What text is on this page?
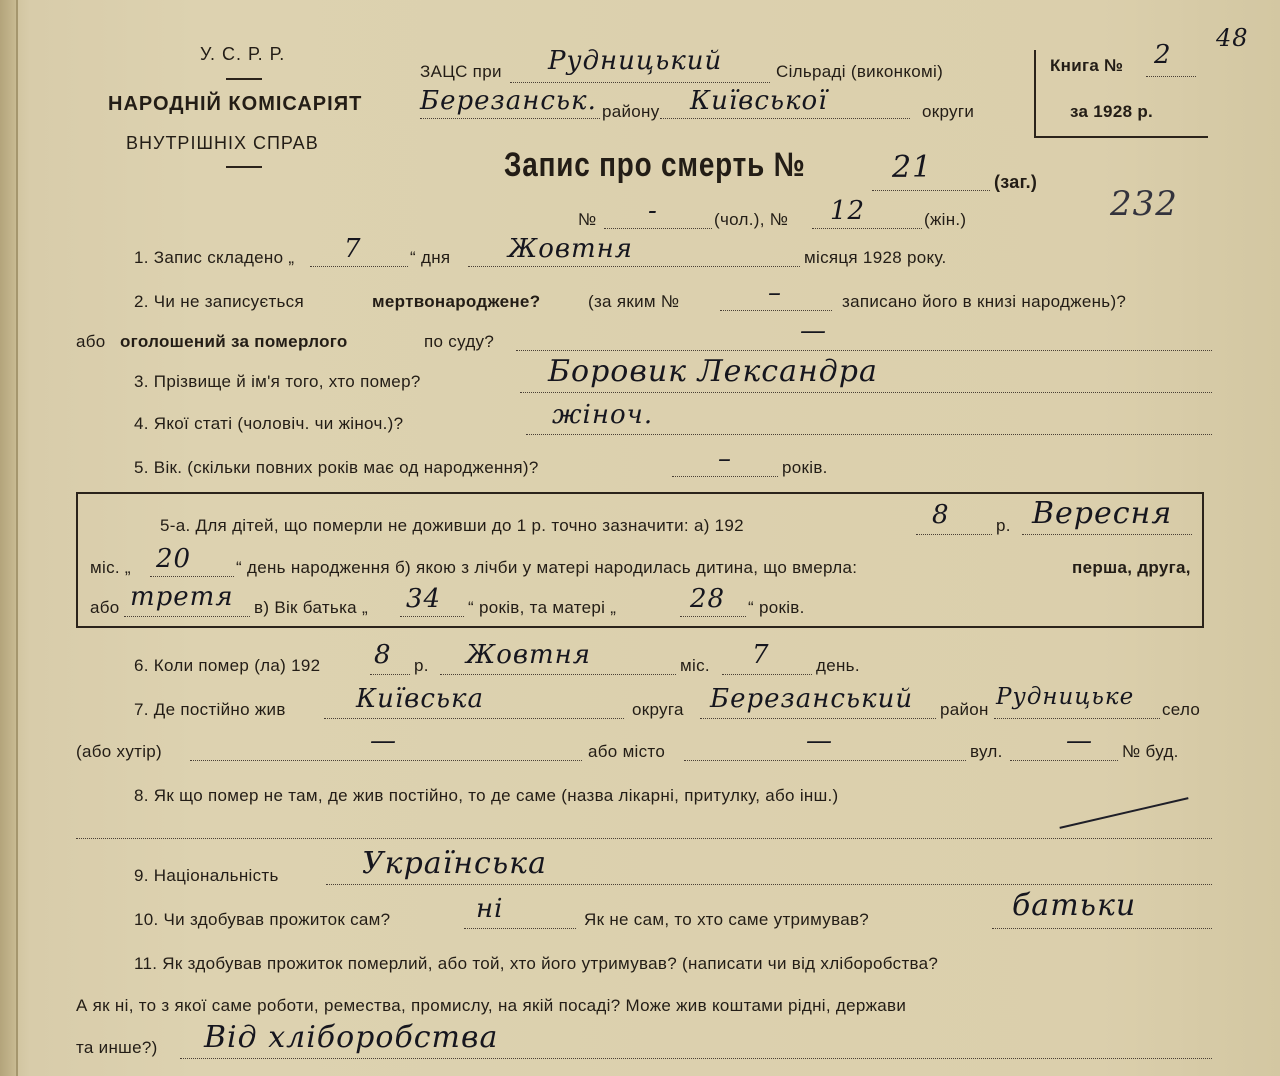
У. С. Р. Р.
НАРОДНІЙ КОМІСАРІЯТ
ВНУТРІШНІХ СПРАВ
ЗАЦС при Рудницький	Сільраді (виконкомі)
Березанськ. району Київської	округи
Книга № 2
за 1928 р.
48
Запис про смерть №	21	(заг.)
232
№ -	(чол.), № 12	(жін.)
1. Запис складено „ 7	“ дня Жовтня	місяця 1928 року.
2. Чи не записується	мертвонароджене?	(за яким №	–	записано його в книзі народжень)?
або оголошений за померлого	по суду?	—
3. Прізвище й ім'я того, хто помер?	Боровик Лександра
4. Якої статі (чоловіч. чи жіноч.)?	жіноч.
5. Вік. (скільки повних років має од народження)?	–	років.
5-а. Для дітей, що померли не доживши до 1 р. точно зазначити: а) 192	8	р. Вересня
міс. „ 20	“ день народження б) якою з лічби у матері народилась дитина, що вмерла:	перша, друга,
або третя в) Вік батька „ 34 “ років, та матері „	28 “ років.
6. Коли помер (ла) 192 8 р. Жовтня	міс. 7	день.
7. Де постійно жив	Київська	округа Березанський район Рудницьке село
(або хутір)	—	або місто	—	вул. — № буд.
8. Як що помер не там, де жив постійно, то де саме (назва лікарні, притулку, або інш.)
9. Національність	Українська
10. Чи здобував прожиток сам?	ні	Як не сам, то хто саме утримував?	батьки
11. Як здобував прожиток померлий, або той, хто його утримував? (написати чи від хліборобства?
А як ні, то з якої саме роботи, ремества, промислу, на якій посаді? Може жив коштами рідні, держави
та инше?) Від хліборобства
